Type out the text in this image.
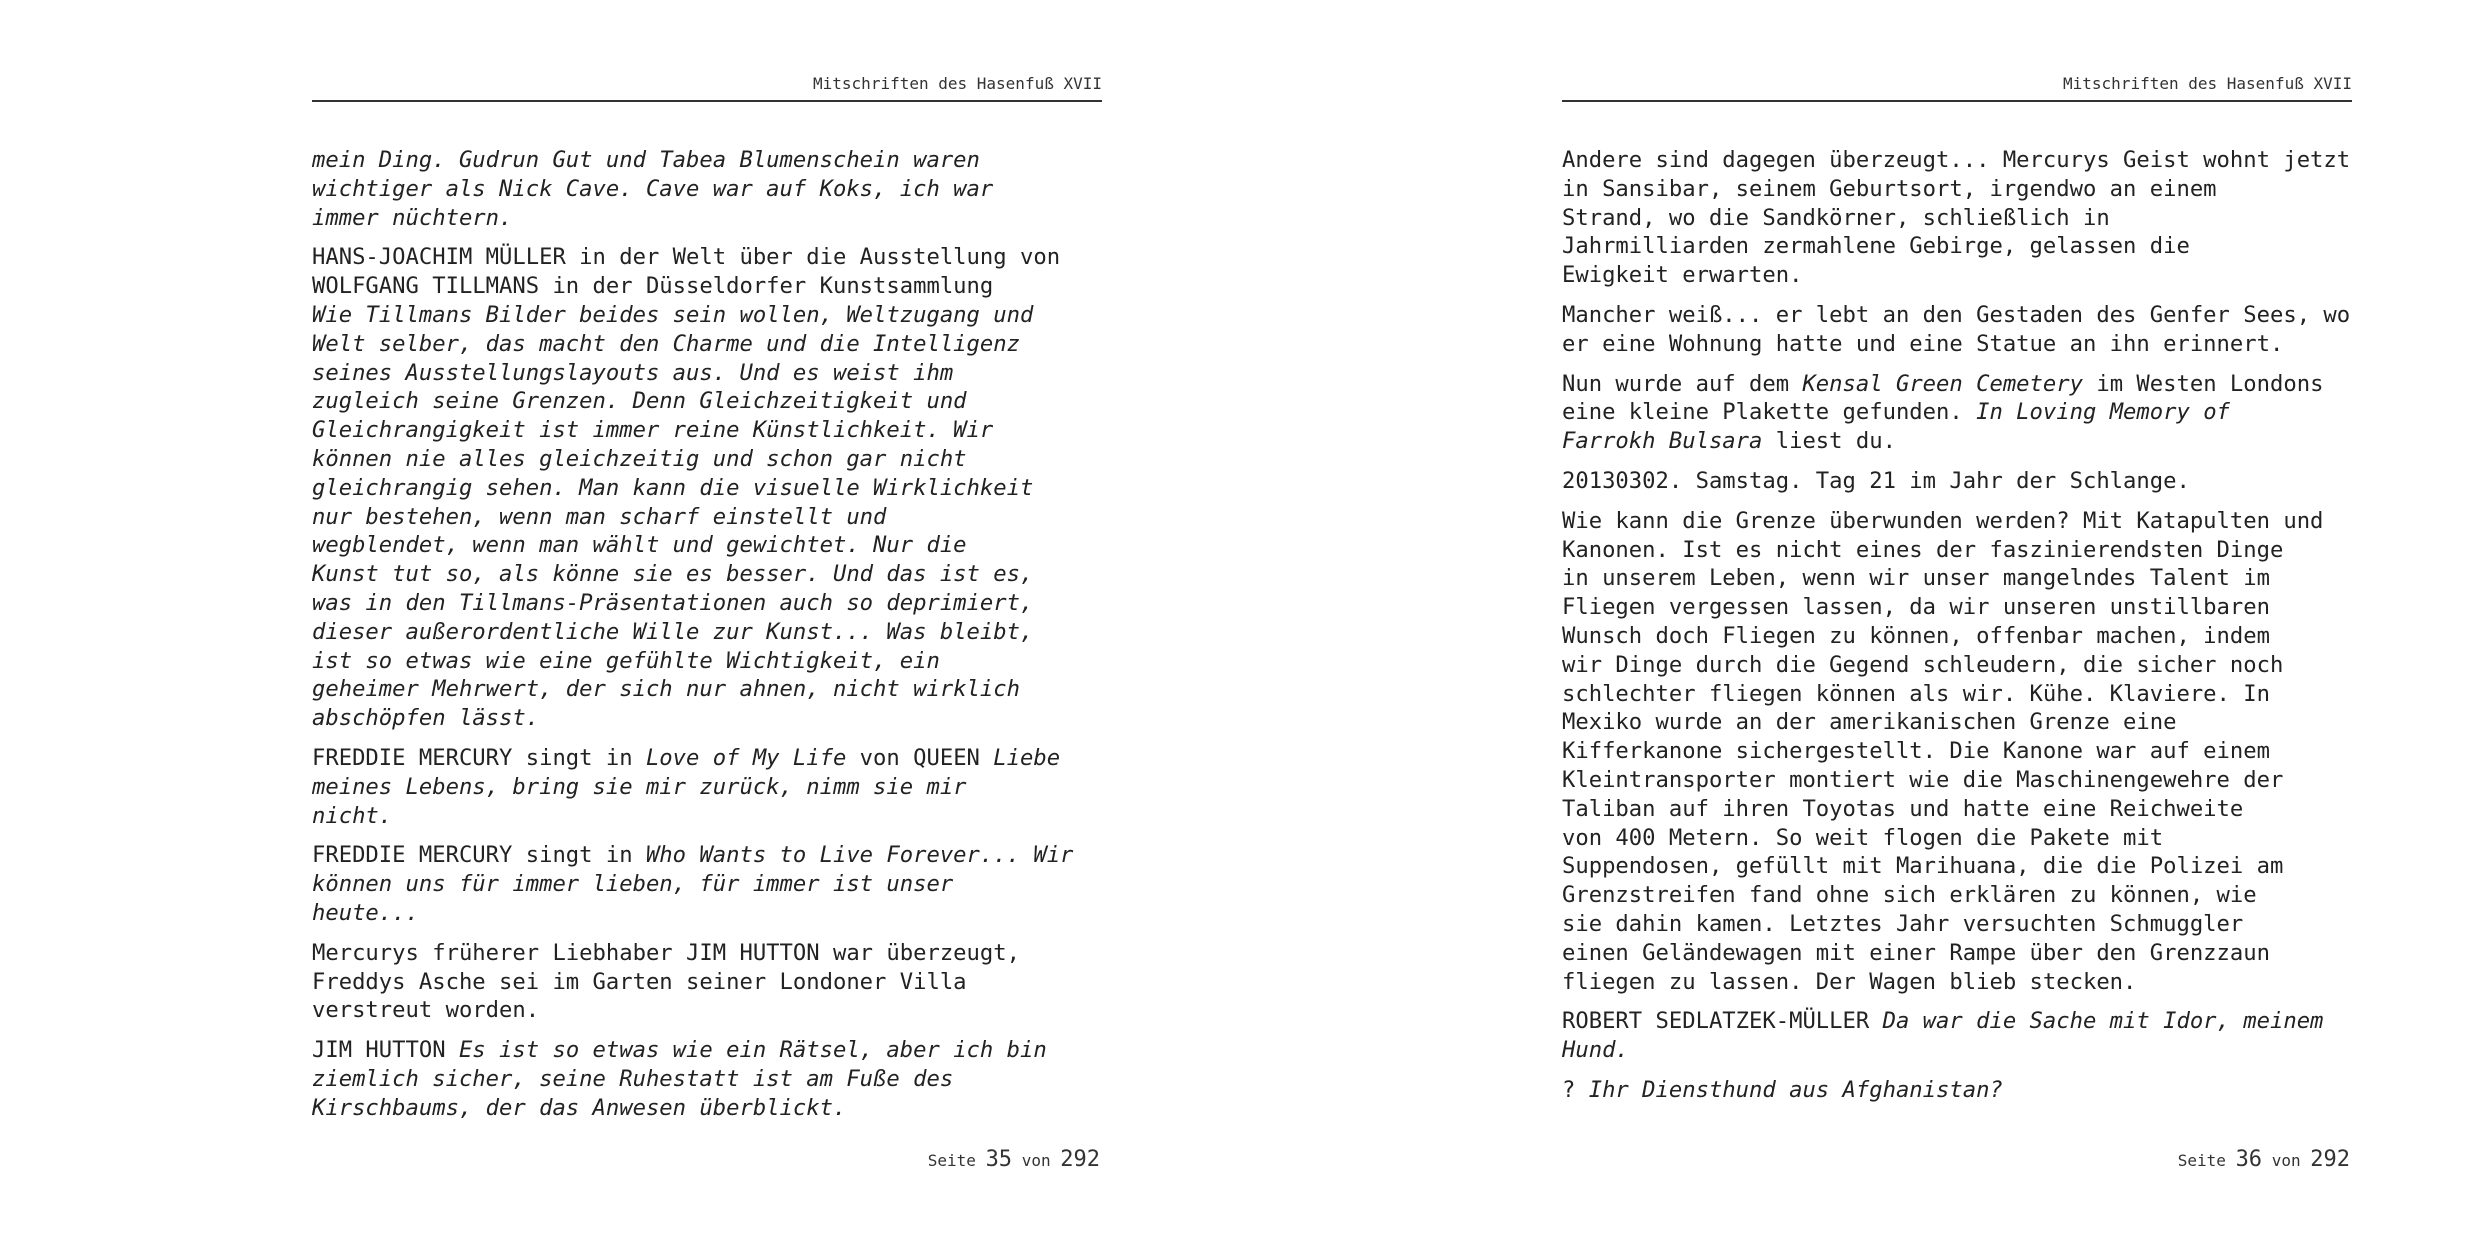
Mitschriften des Hasenfuß XVII
mein Ding. Gudrun Gut und Tabea Blumenschein waren
wichtiger als Nick Cave. Cave war auf Koks, ich war
immer nüchtern.
HANS-JOACHIM MÜLLER in der Welt über die Ausstellung von
WOLFGANG TILLMANS in der Düsseldorfer Kunstsammlung
Wie Tillmans Bilder beides sein wollen, Weltzugang und
Welt selber, das macht den Charme und die Intelligenz
seines Ausstellungslayouts aus. Und es weist ihm
zugleich seine Grenzen. Denn Gleichzeitigkeit und
Gleichrangigkeit ist immer reine Künstlichkeit. Wir
können nie alles gleichzeitig und schon gar nicht
gleichrangig sehen. Man kann die visuelle Wirklichkeit
nur bestehen, wenn man scharf einstellt und
wegblendet, wenn man wählt und gewichtet. Nur die
Kunst tut so, als könne sie es besser. Und das ist es,
was in den Tillmans-Präsentationen auch so deprimiert,
dieser außerordentliche Wille zur Kunst... Was bleibt,
ist so etwas wie eine gefühlte Wichtigkeit, ein
geheimer Mehrwert, der sich nur ahnen, nicht wirklich
abschöpfen lässt.
FREDDIE MERCURY singt in Love of My Life von QUEEN Liebe
meines Lebens, bring sie mir zurück, nimm sie mir
nicht.
FREDDIE MERCURY singt in Who Wants to Live Forever... Wir
können uns für immer lieben, für immer ist unser
heute...
Mercurys früherer Liebhaber JIM HUTTON war überzeugt,
Freddys Asche sei im Garten seiner Londoner Villa
verstreut worden.
JIM HUTTON Es ist so etwas wie ein Rätsel, aber ich bin
ziemlich sicher, seine Ruhestatt ist am Fuße des
Kirschbaums, der das Anwesen überblickt.
Seite 35 von 292
Mitschriften des Hasenfuß XVII
Andere sind dagegen überzeugt... Mercurys Geist wohnt jetzt
in Sansibar, seinem Geburtsort, irgendwo an einem
Strand, wo die Sandkörner, schließlich in
Jahrmilliarden zermahlene Gebirge, gelassen die
Ewigkeit erwarten.
Mancher weiß... er lebt an den Gestaden des Genfer Sees, wo
er eine Wohnung hatte und eine Statue an ihn erinnert.
Nun wurde auf dem Kensal Green Cemetery im Westen Londons
eine kleine Plakette gefunden. In Loving Memory of
Farrokh Bulsara liest du.
20130302. Samstag. Tag 21 im Jahr der Schlange.
Wie kann die Grenze überwunden werden? Mit Katapulten und
Kanonen. Ist es nicht eines der faszinierendsten Dinge
in unserem Leben, wenn wir unser mangelndes Talent im
Fliegen vergessen lassen, da wir unseren unstillbaren
Wunsch doch Fliegen zu können, offenbar machen, indem
wir Dinge durch die Gegend schleudern, die sicher noch
schlechter fliegen können als wir. Kühe. Klaviere. In
Mexiko wurde an der amerikanischen Grenze eine
Kifferkanone sichergestellt. Die Kanone war auf einem
Kleintransporter montiert wie die Maschinengewehre der
Taliban auf ihren Toyotas und hatte eine Reichweite
von 400 Metern. So weit flogen die Pakete mit
Suppendosen, gefüllt mit Marihuana, die die Polizei am
Grenzstreifen fand ohne sich erklären zu können, wie
sie dahin kamen. Letztes Jahr versuchten Schmuggler
einen Geländewagen mit einer Rampe über den Grenzzaun
fliegen zu lassen. Der Wagen blieb stecken.
ROBERT SEDLATZEK-MÜLLER Da war die Sache mit Idor, meinem
Hund.
? Ihr Diensthund aus Afghanistan?
Seite 36 von 292
